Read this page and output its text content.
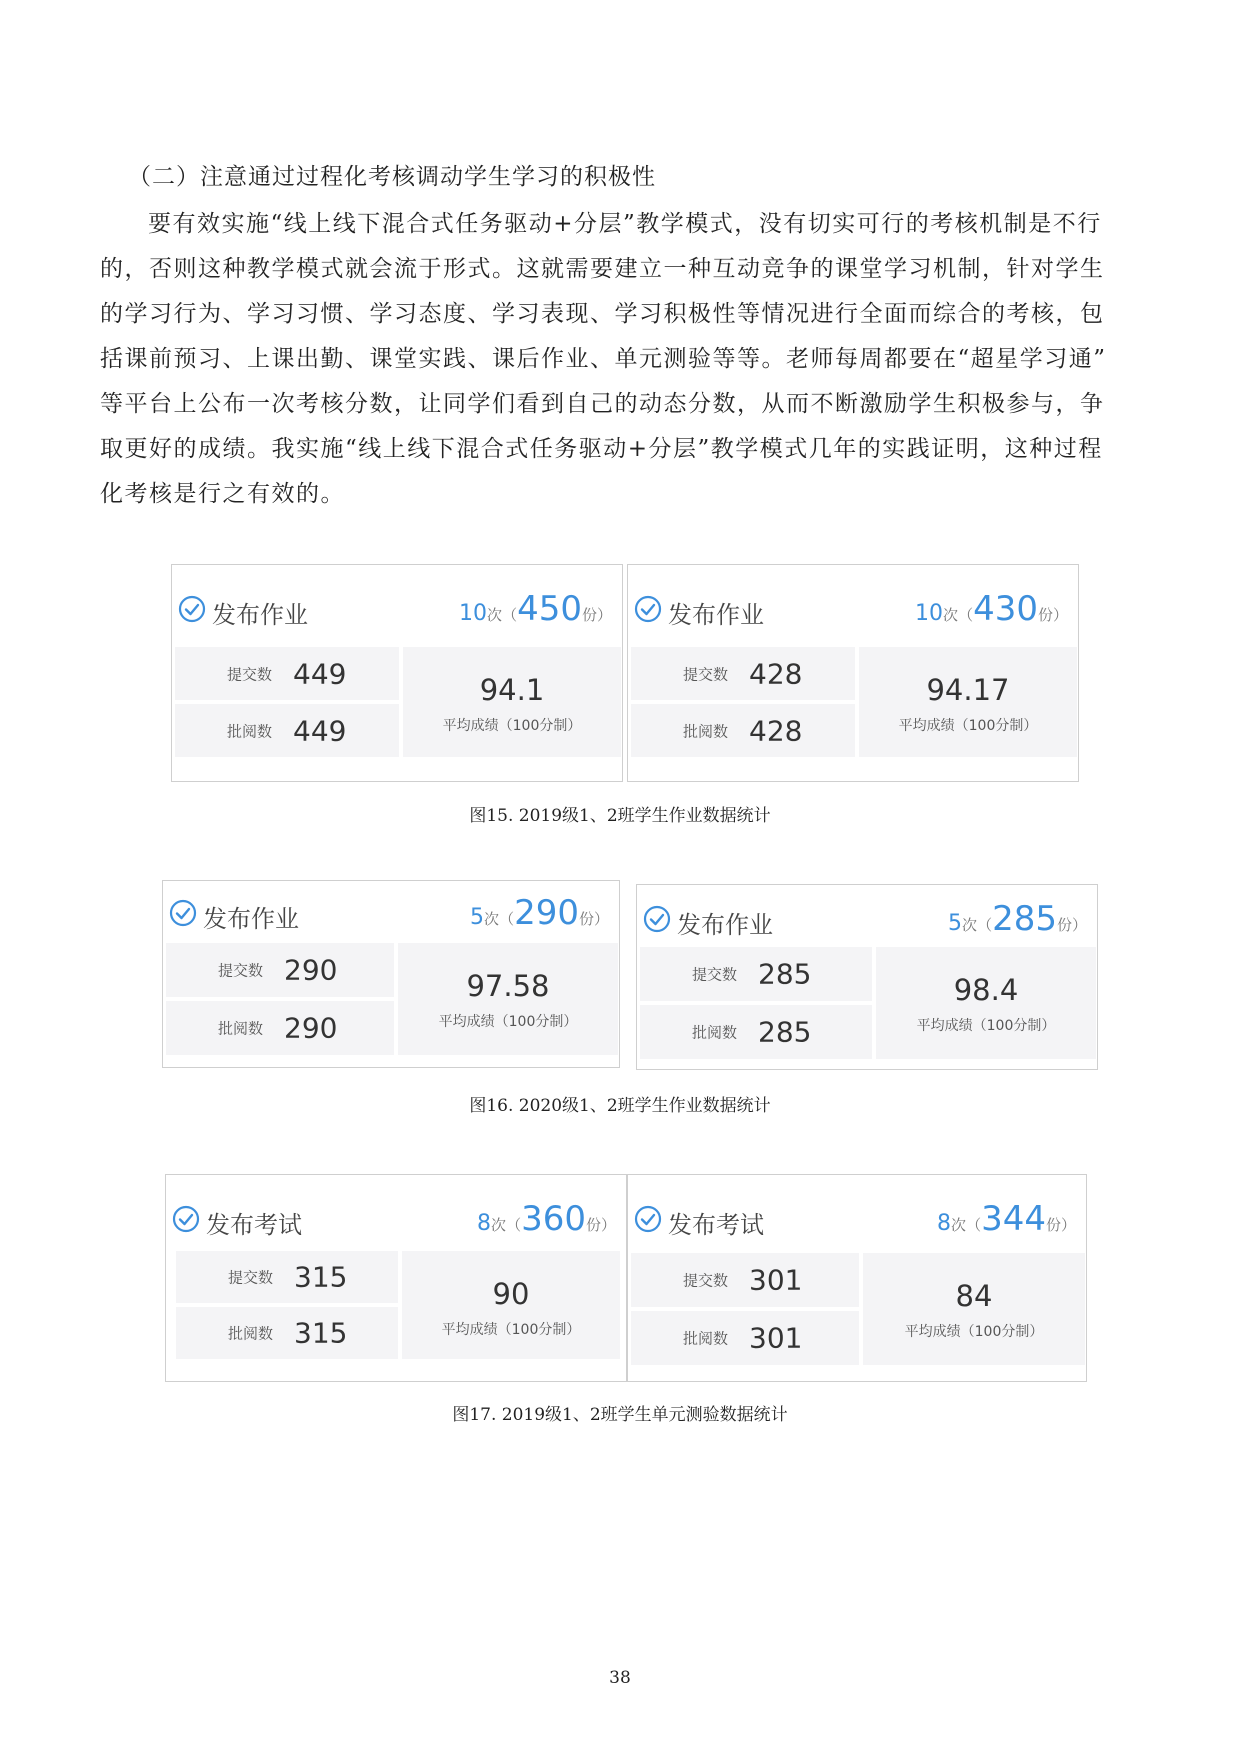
（二）注意通过过程化考核调动学生学习的积极性
要有效实施“线上线下混合式任务驱动+分层”教学模式，没有切实可行的考核机制是不行
的，否则这种教学模式就会流于形式。这就需要建立一种互动竞争的课堂学习机制，针对学生
的学习行为、学习习惯、学习态度、学习表现、学习积极性等情况进行全面而综合的考核，包
括课前预习、上课出勤、课堂实践、课后作业、单元测验等等。老师每周都要在“超星学习通”
等平台上公布一次考核分数，让同学们看到自己的动态分数，从而不断激励学生积极参与，争
取更好的成绩。我实施“线上线下混合式任务驱动+分层”教学模式几年的实践证明，这种过程
化考核是行之有效的。
发布作业	10次（450份）
提交数 449
批阅数 449
94.1
平均成绩（100分制）
发布作业	10次（430份）
提交数 428
批阅数 428
94.17
平均成绩（100分制）
图15. 2019级1、2班学生作业数据统计
发布作业	5次（290份）
提交数 290
批阅数 290
97.58
平均成绩（100分制）
发布作业	5次（285份）
提交数 285
批阅数 285
98.4
平均成绩（100分制）
图16. 2020级1、2班学生作业数据统计
发布考试	8次（360份）
提交数 315
批阅数 315
90
平均成绩（100分制）
发布考试	8次（344份）
提交数 301
批阅数 301
84
平均成绩（100分制）
图17. 2019级1、2班学生单元测验数据统计
38
